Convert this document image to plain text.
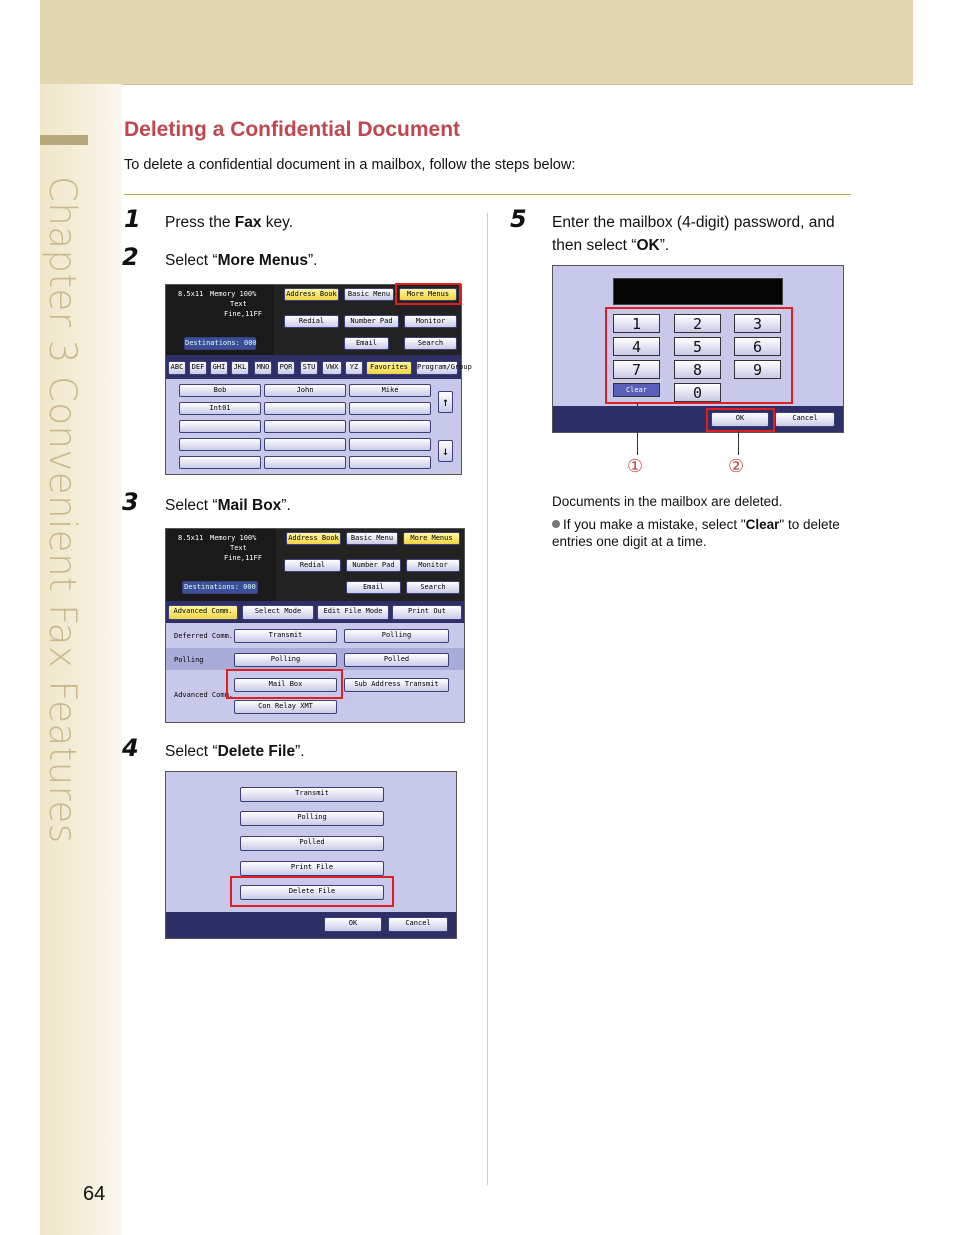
Chapter 3 Convenient Fax Features
Deleting a Confidential Document
To delete a confidential document in a mailbox, follow the steps below:
1 Press the Fax key.
2 Select “More Menus”.
8.5x11 Memory 100%
Text
Fine,11FF
Destinations: 000
Address Book	Basic Menu	More Menus
Redial	Number Pad	Monitor
Email	Search
ABC	DEF	GHI	JKL	MNO	PQR	STU	VWX	YZ	Favorites	Program/Group
Bob	John	Mike
Int01	↑
↓
3 Select “Mail Box”.
8.5x11 Memory 100%
Text
Fine,11FF
Destinations: 000
Address Book	Basic Menu	More Menus
Redial	Number Pad	Monitor
Email	Search
Advanced Comm.	Select Mode	Edit File Mode	Print Out
Deferred Comm.	Transmit	Polling
Polling	Polling	Polled
Advanced Comm.
Mail Box	Sub Address Transmit
Con Relay XMT
4 Select “Delete File”.
Transmit
Polling
Polled
Print File
Delete File
OK	Cancel
5 Enter the mailbox (4-digit) password, and then select “OK”.
1	2	3
4	5	6
7	8	9
Clear	0
OK	Cancel
①	②
Documents in the mailbox are deleted.
If you make a mistake, select "Clear" to delete entries one digit at a time.
64
